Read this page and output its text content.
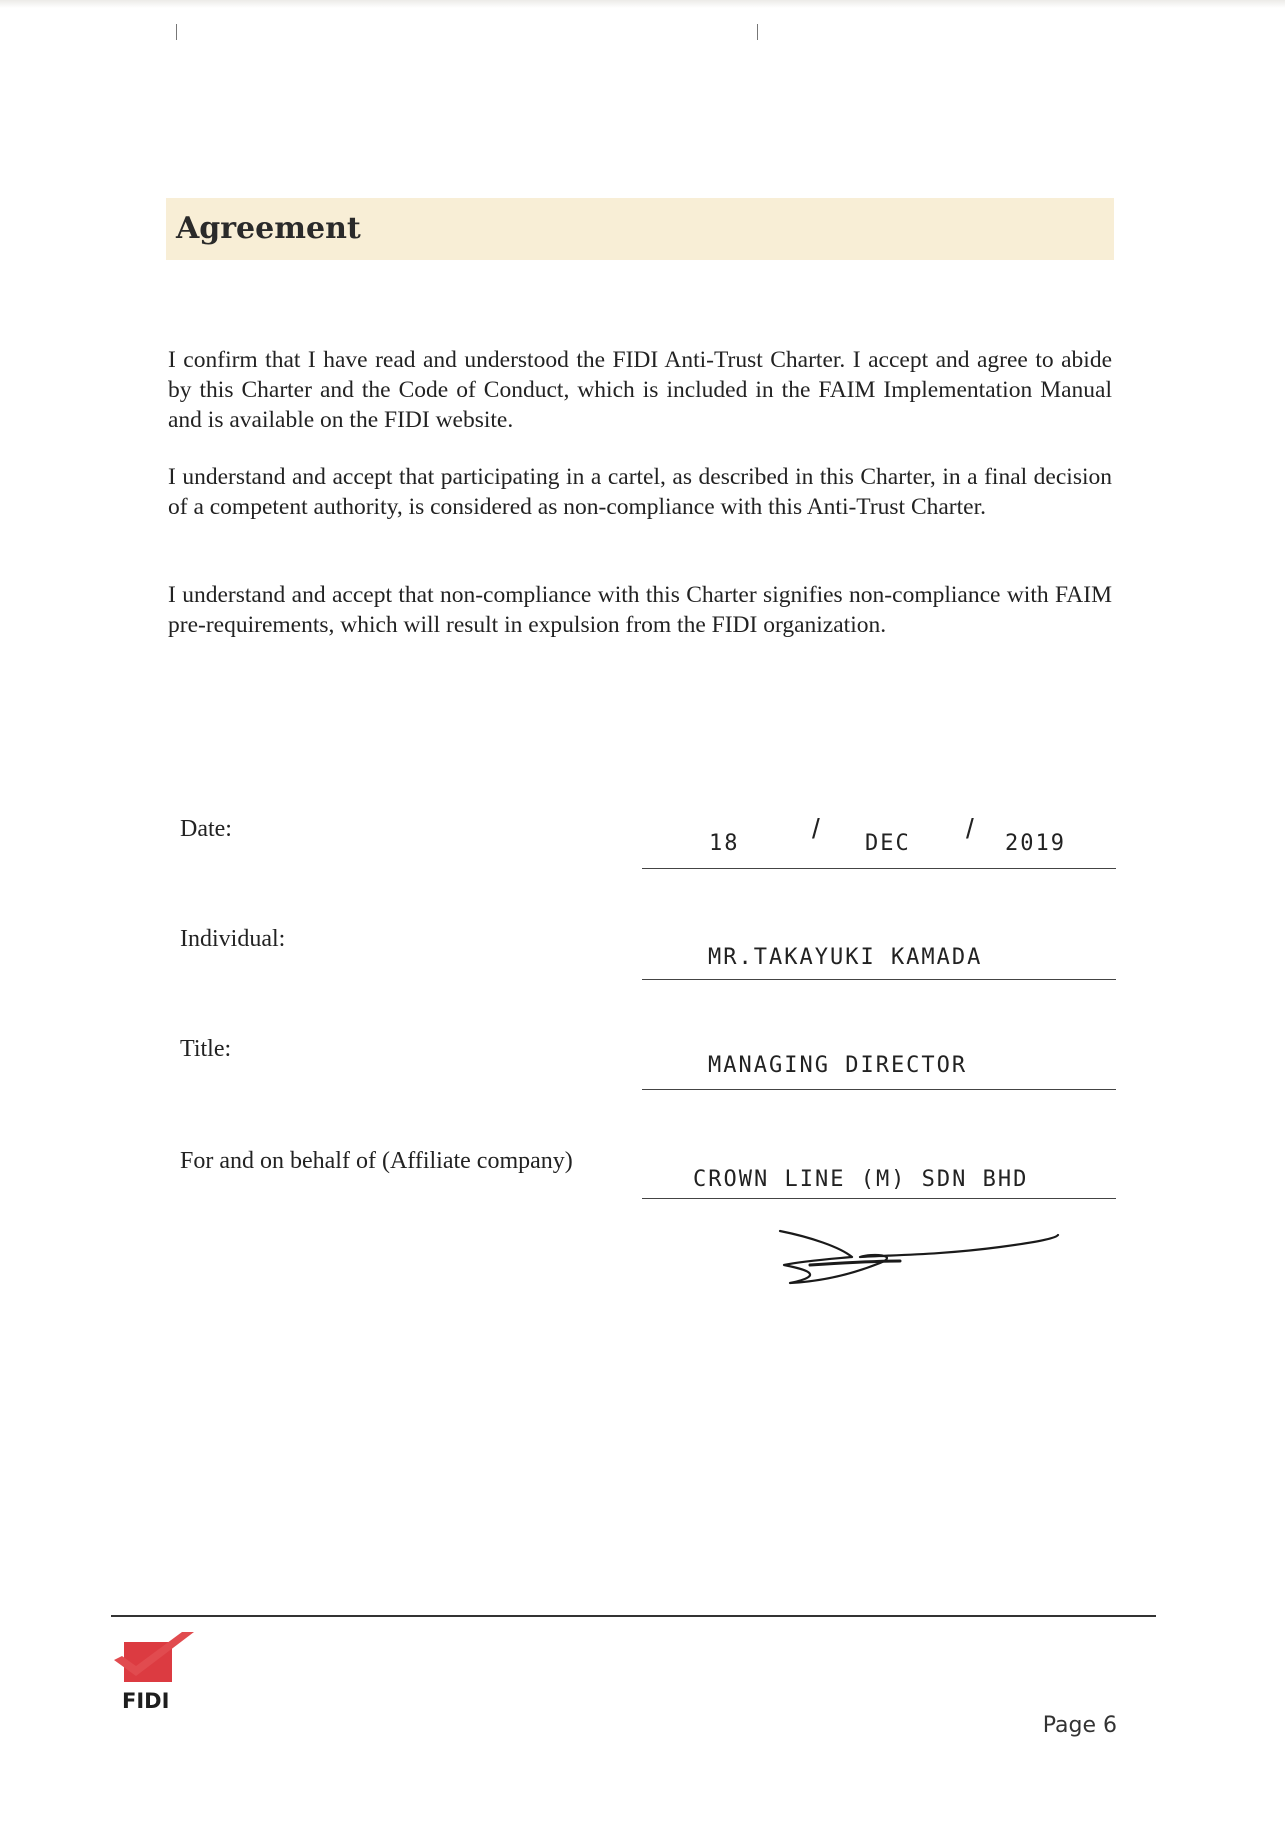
Agreement

I confirm that I have read and understood the FIDI Anti-Trust Charter. I accept and agree to abide by this Charter and the Code of Conduct, which is included in the FAIM Implementation Manual and is available on the FIDI website.

I understand and accept that participating in a cartel, as described in this Charter, in a final decision of a competent authority, is considered as non-compliance with this Anti-Trust Charter.

I understand and accept that non-compliance with this Charter signifies non-compliance with FAIM pre-requirements, which will result in expulsion from the FIDI organization.

Date:

18	/ DEC / 2019

Individual:

MR.TAKAYUKI KAMADA

Title:

MANAGING DIRECTOR

For and on behalf of (Affiliate company)

CROWN LINE (M) SDN BHD

FIDI

Page 6
